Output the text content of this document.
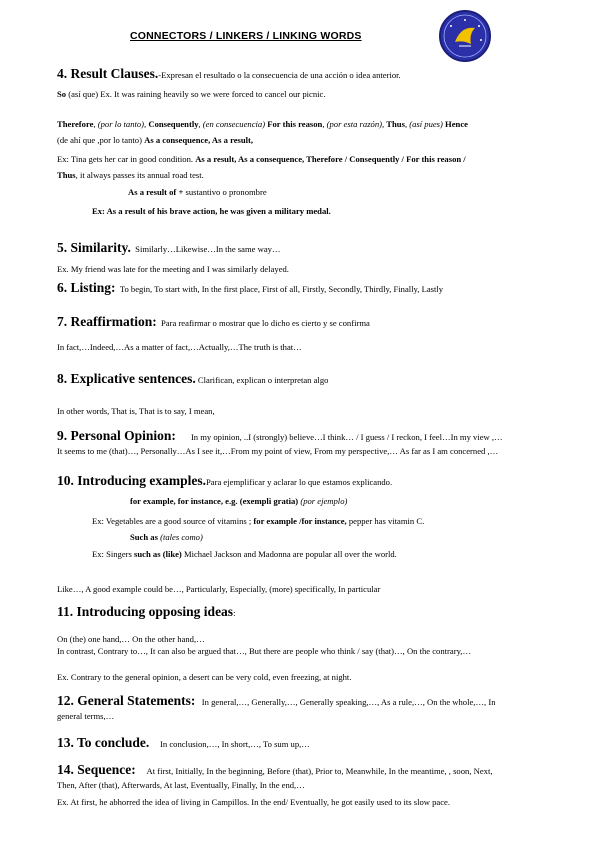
CONNECTORS / LINKERS / LINKING WORDS
4. Result Clauses.-Expresan el resultado o la consecuencia de una acción o idea anterior.
So (así que) Ex. It was raining heavily so we were forced to cancel our picnic.
Therefore, (por lo tanto), Consequently, (en consecuencia) For this reason, (por esta razón), Thus, (así pues) Hence
(de ahí que ,por lo tanto) As a consequence, As a result,
Ex: Tina gets her car in good condition. As a result, As a consequence, Therefore / Consequently / For this reason /
Thus, it always passes its annual road test.
As a result of + sustantivo o pronombre
Ex: As a result of his brave action, he was given a military medal.
5. Similarity. Similarly…Likewise…In the same way…
Ex. My friend was late for the meeting and I was similarly delayed.
6. Listing: To begin, To start with, In the first place, First of all, Firstly, Secondly, Thirdly, Finally, Lastly
7. Reaffirmation: Para reafirmar o mostrar que lo dicho es cierto y se confirma
In fact,…Indeed,…As a matter of fact,…Actually,…The truth is that…
8. Explicative sentences. Clarifican, explican o interpretan algo
In other words, That is, That is to say, I mean,
9. Personal Opinion: In my opinion, ..I (strongly) believe…I think… / I guess / I reckon, I feel…In my view ,…
It seems to me (that)…, Personally…As I see it,…From my point of view, From my perspective,… As far as I am concerned ,…
10. Introducing examples.Para ejemplificar y aclarar lo que estamos explicando.
for example, for instance, e.g. (exempli gratia) (por ejemplo)
Ex: Vegetables are a good source of vitamins ; for example /for instance, pepper has vitamin C.
Such as (tales como)
Ex: Singers such as (like) Michael Jackson and Madonna are popular all over the world.
Like…, A good example could be…, Particularly, Especially, (more) specifically, In particular
11. Introducing opposing ideas:
On (the) one hand,… On the other hand,…
In contrast, Contrary to…, It can also be argued that…, But there are people who think / say (that)…, On the contrary,…
Ex. Contrary to the general opinion, a desert can be very cold, even freezing, at night.
12. General Statements: In general,…, Generally,…, Generally speaking,…, As a rule,…, On the whole,…, In
general terms,…
13. To conclude. In conclusion,…, In short,…, To sum up,…
14. Sequence: At first, Initially, In the beginning, Before (that), Prior to, Meanwhile, In the meantime, , soon, Next,
Then, After (that), Afterwards, At last, Eventually, Finally, In the end,…
Ex. At first, he abhorred the idea of living in Campillos. In the end/ Eventually, he got easily used to its slow pace.
